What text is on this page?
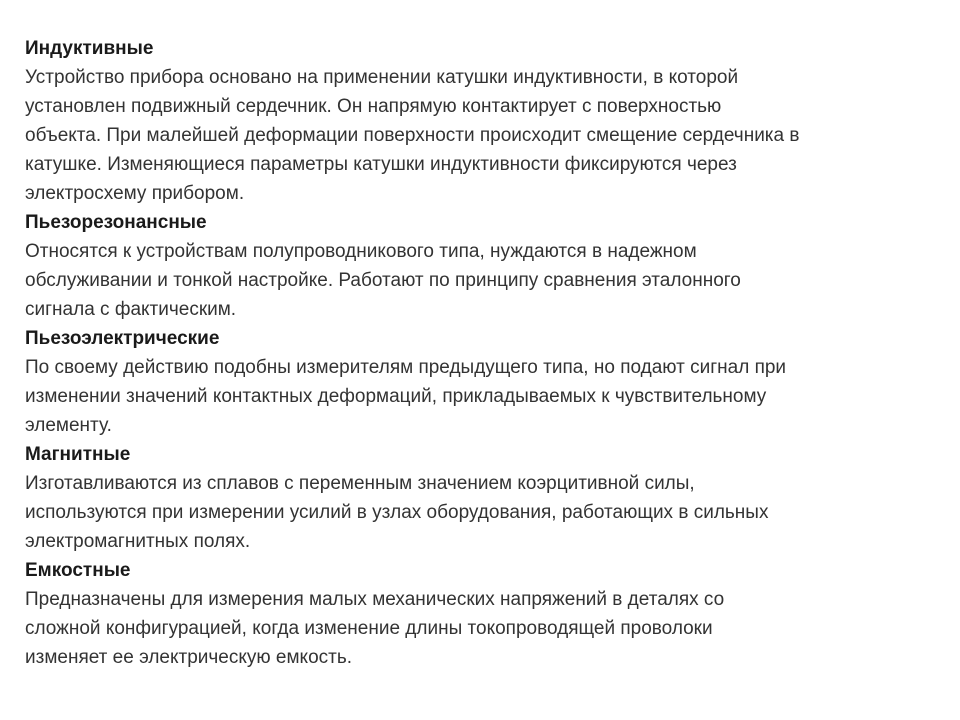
Индуктивные
Устройство прибора основано на применении катушки индуктивности, в которой
установлен подвижный сердечник. Он напрямую контактирует с поверхностью
объекта. При малейшей деформации поверхности происходит смещение сердечника в
катушке. Изменяющиеся параметры катушки индуктивности фиксируются через
электросхему прибором.
Пьезорезонансные
Относятся к устройствам полупроводникового типа, нуждаются в надежном
обслуживании и тонкой настройке. Работают по принципу сравнения эталонного
сигнала с фактическим.
Пьезоэлектрические
По своему действию подобны измерителям предыдущего типа, но подают сигнал при
изменении значений контактных деформаций, прикладываемых к чувствительному
элементу.
Магнитные
Изготавливаются из сплавов с переменным значением коэрцитивной силы,
используются при измерении усилий в узлах оборудования, работающих в сильных
электромагнитных полях.
Емкостные
Предназначены для измерения малых механических напряжений в деталях со
сложной конфигурацией, когда изменение длины токопроводящей проволоки
изменяет ее электрическую емкость.
